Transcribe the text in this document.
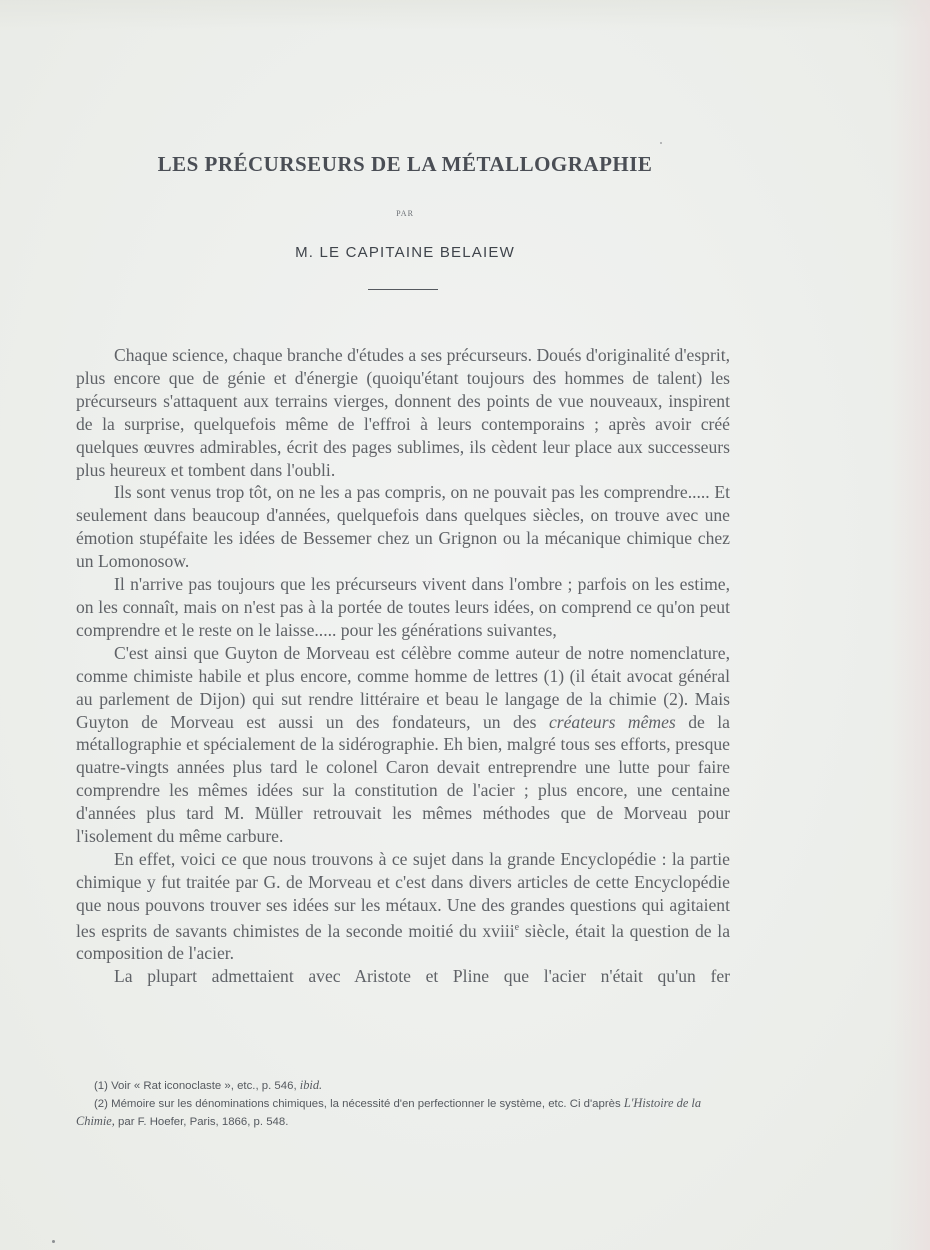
LES PRÉCURSEURS DE LA MÉTALLOGRAPHIE
PAR
M. LE CAPITAINE BELAIEW

Chaque science, chaque branche d'études a ses précurseurs. Doués d'originalité d'esprit, plus encore que de génie et d'énergie (quoiqu'étant toujours des hommes de talent) les précurseurs s'attaquent aux terrains vierges, donnent des points de vue nouveaux, inspirent de la surprise, quelquefois même de l'effroi à leurs contemporains ; après avoir créé quelques œuvres admirables, écrit des pages sublimes, ils cèdent leur place aux successeurs plus heureux et tombent dans l'oubli.

Ils sont venus trop tôt, on ne les a pas compris, on ne pouvait pas les comprendre..... Et seulement dans beaucoup d'années, quelquefois dans quelques siècles, on trouve avec une émotion stupéfaite les idées de Bessemer chez un Grignon ou la mécanique chimique chez un Lomonosow.

Il n'arrive pas toujours que les précurseurs vivent dans l'ombre ; parfois on les estime, on les connaît, mais on n'est pas à la portée de toutes leurs idées, on comprend ce qu'on peut comprendre et le reste on le laisse..... pour les générations suivantes,

C'est ainsi que Guyton de Morveau est célèbre comme auteur de notre nomenclature, comme chimiste habile et plus encore, comme homme de lettres (1) (il était avocat général au parlement de Dijon) qui sut rendre littéraire et beau le langage de la chimie (2). Mais Guyton de Morveau est aussi un des fondateurs, un des créateurs mêmes de la métallographie et spécialement de la sidérographie. Eh bien, malgré tous ses efforts, presque quatre-vingts années plus tard le colonel Caron devait entreprendre une lutte pour faire comprendre les mêmes idées sur la constitution de l'acier ; plus encore, une centaine d'années plus tard M. Müller retrouvait les mêmes méthodes que de Morveau pour l'isolement du même carbure.

En effet, voici ce que nous trouvons à ce sujet dans la grande Encyclopédie : la partie chimique y fut traitée par G. de Morveau et c'est dans divers articles de cette Encyclopédie que nous pouvons trouver ses idées sur les métaux. Une des grandes questions qui agitaient les esprits de savants chimistes de la seconde moitié du xviii$^e$ siècle, était la question de la composition de l'acier.

La plupart admettaient avec Aristote et Pline que l'acier n'était qu'un fer

(1) Voir « Rat iconoclaste », etc., p. 546, ibid.

(2) Mémoire sur les dénominations chimiques, la nécessité d'en perfectionner le système, etc. Ci d'après L'Histoire de la Chimie, par F. Hoefer, Paris, 1866, p. 548.
